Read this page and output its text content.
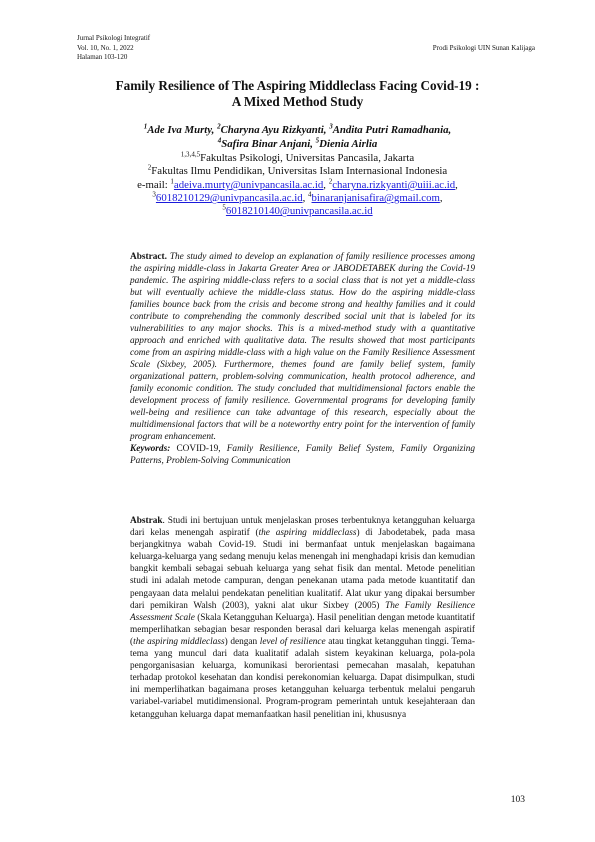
Jurnal Psikologi Integratif
Vol. 10, No. 1, 2022
Halaman 103-120
Prodi Psikologi UIN Sunan Kalijaga
Family Resilience of The Aspiring Middleclass Facing Covid-19 :
A Mixed Method Study
$^1$Ade Iva Murty, $^2$Charyna Ayu Rizkyanti, $^3$Andita Putri Ramadhania,
$^4$Safira Binar Anjani, $^5$Dienia Airlia
$^{1,3,4,5}$Fakultas Psikologi, Universitas Pancasila, Jakarta
$^2$Fakultas Ilmu Pendidikan, Universitas Islam Internasional Indonesia
e-mail: $^1$adeiva.murty@univpancasila.ac.id, $^2$charyna.rizkyanti@uiii.ac.id,
$^3$6018210129@univpancasila.ac.id, $^4$binaranjanisafira@gmail.com,
$^5$6018210140@univpancasila.ac.id
Abstract. The study aimed to develop an explanation of family resilience processes among the aspiring middle-class in Jakarta Greater Area or JABODETABEK during the Covid-19 pandemic. The aspiring middle-class refers to a social class that is not yet a middle-class but will eventually achieve the middle-class status. How do the aspiring middle-class families bounce back from the crisis and become strong and healthy families and it could contribute to comprehending the commonly described social unit that is labeled for its vulnerabilities to any major shocks. This is a mixed-method study with a quantitative approach and enriched with qualitative data. The results showed that most participants come from an aspiring middle-class with a high value on the Family Resilience Assessment Scale (Sixbey, 2005). Furthermore, themes found are family belief system, family organizational pattern, problem-solving communication, health protocol adherence, and family economic condition. The study concluded that multidimensional factors enable the development process of family resilience. Governmental programs for developing family well-being and resilience can take advantage of this research, especially about the multidimensional factors that will be a noteworthy entry point for the intervention of family program enhancement.
Keywords: COVID-19, Family Resilience, Family Belief System, Family Organizing Patterns, Problem-Solving Communication
Abstrak. Studi ini bertujuan untuk menjelaskan proses terbentuknya ketangguhan keluarga dari kelas menengah aspiratif (the aspiring middleclass) di Jabodetabek, pada masa berjangkitnya wabah Covid-19. Studi ini bermanfaat untuk menjelaskan bagaimana keluarga-keluarga yang sedang menuju kelas menengah ini menghadapi krisis dan kemudian bangkit kembali sebagai sebuah keluarga yang sehat fisik dan mental. Metode penelitian studi ini adalah metode campuran, dengan penekanan utama pada metode kuantitatif dan pengayaan data melalui pendekatan penelitian kualitatif. Alat ukur yang dipakai bersumber dari pemikiran Walsh (2003), yakni alat ukur Sixbey (2005) The Family Resilience Assessment Scale (Skala Ketangguhan Keluarga). Hasil penelitian dengan metode kuantitatif memperlihatkan sebagian besar responden berasal dari keluarga kelas menengah aspiratif (the aspiring middleclass) dengan level of resilience atau tingkat ketangguhan tinggi. Tema-tema yang muncul dari data kualitatif adalah sistem keyakinan keluarga, pola-pola pengorganisasian keluarga, komunikasi berorientasi pemecahan masalah, kepatuhan terhadap protokol kesehatan dan kondisi perekonomian keluarga. Dapat disimpulkan, studi ini memperlihatkan bagaimana proses ketangguhan keluarga terbentuk melalui pengaruh variabel-variabel mutidimensional. Program-program pemerintah untuk kesejahteraan dan ketangguhan keluarga dapat memanfaatkan hasil penelitian ini, khususnya
103
